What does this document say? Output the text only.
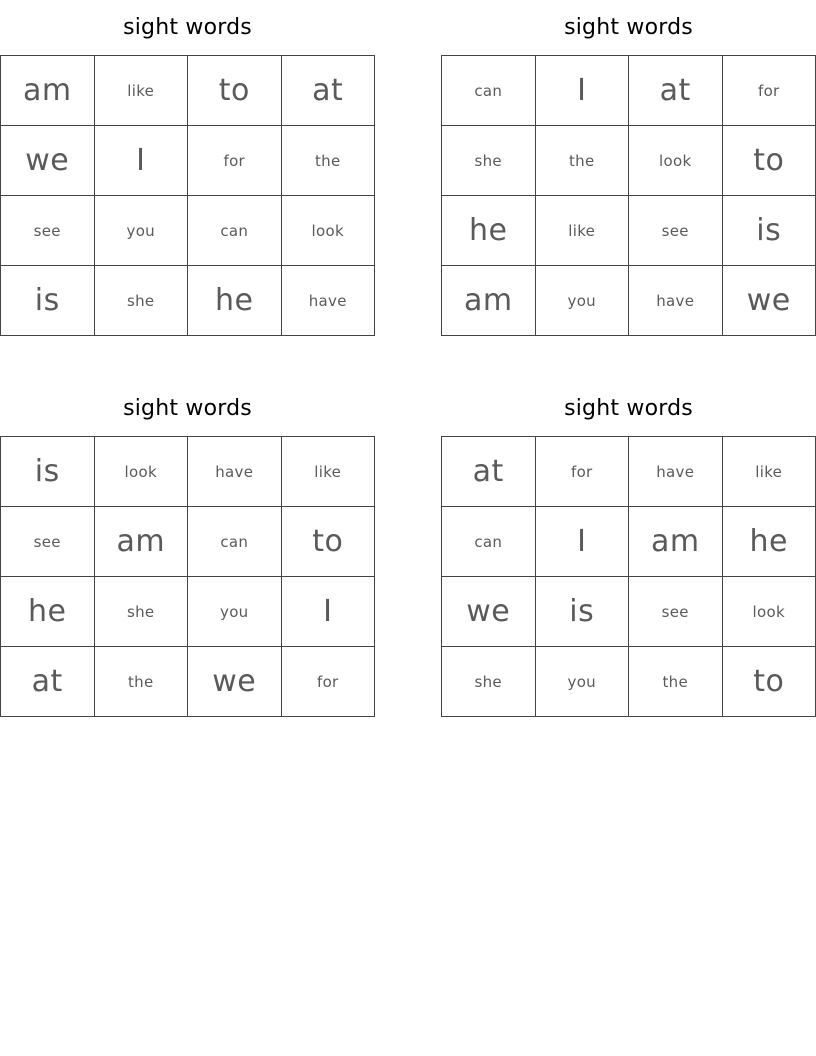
sight words
am	like	to	at
we	I	for	the
see	you	can	look
is	she	he	have
sight words
can	I	at	for
she	the	look	to
he	like	see	is
am	you	have	we
sight words
is	look	have	like
see	am	can	to
he	she	you	I
at	the	we	for
sight words
at	for	have	like
can	I	am	he
we	is	see	look
she	you	the	to
